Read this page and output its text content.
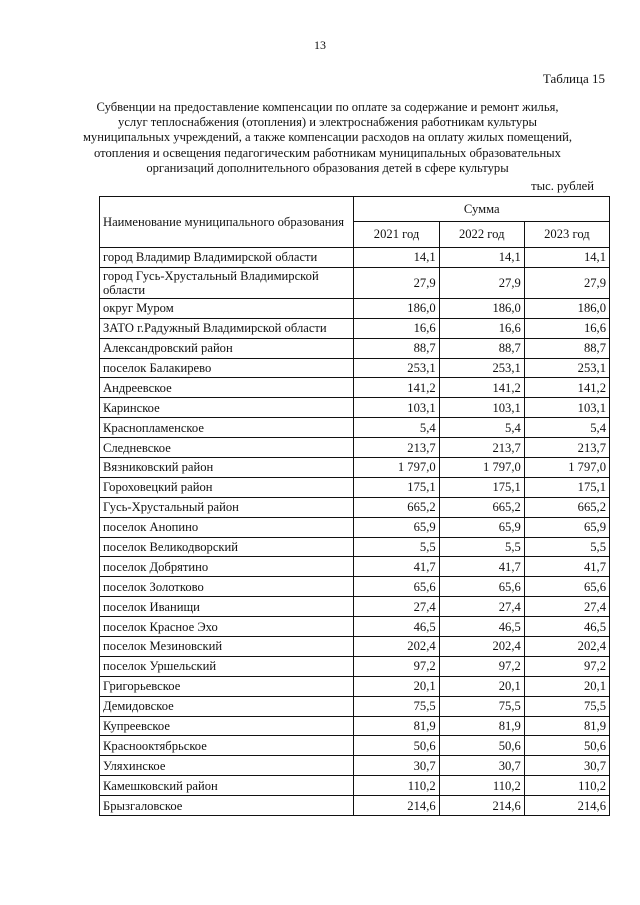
13
Таблица 15
Субвенции на предоставление компенсации по оплате за содержание и ремонт жилья,
услуг теплоснабжения (отопления) и электроснабжения работникам культуры
муниципальных учреждений, а также компенсации расходов на оплату жилых помещений,
отопления и освещения педагогическим работникам муниципальных образовательных
организаций дополнительного образования детей в сфере культуры
тыс. рублей
Наименование муниципального образования	Сумма		
	2021 год	2022 год	2023 год
город Владимир Владимирской области	14,1	14,1	14,1
город Гусь-Хрустальный Владимирской области	27,9	27,9	27,9
округ Муром	186,0	186,0	186,0
ЗАТО г.Радужный Владимирской области	16,6	16,6	16,6
Александровский район	88,7	88,7	88,7
поселок Балакирево	253,1	253,1	253,1
Андреевское	141,2	141,2	141,2
Каринское	103,1	103,1	103,1
Краснопламенское	5,4	5,4	5,4
Следневское	213,7	213,7	213,7
Вязниковский район	1 797,0	1 797,0	1 797,0
Гороховецкий район	175,1	175,1	175,1
Гусь-Хрустальный район	665,2	665,2	665,2
поселок Анопино	65,9	65,9	65,9
поселок Великодворский	5,5	5,5	5,5
поселок Добрятино	41,7	41,7	41,7
поселок Золотково	65,6	65,6	65,6
поселок Иванищи	27,4	27,4	27,4
поселок Красное Эхо	46,5	46,5	46,5
поселок Мезиновский	202,4	202,4	202,4
поселок Уршельский	97,2	97,2	97,2
Григорьевское	20,1	20,1	20,1
Демидовское	75,5	75,5	75,5
Купреевское	81,9	81,9	81,9
Краснооктябрьское	50,6	50,6	50,6
Уляхинское	30,7	30,7	30,7
Камешковский район	110,2	110,2	110,2
Брызгаловское	214,6	214,6	214,6
